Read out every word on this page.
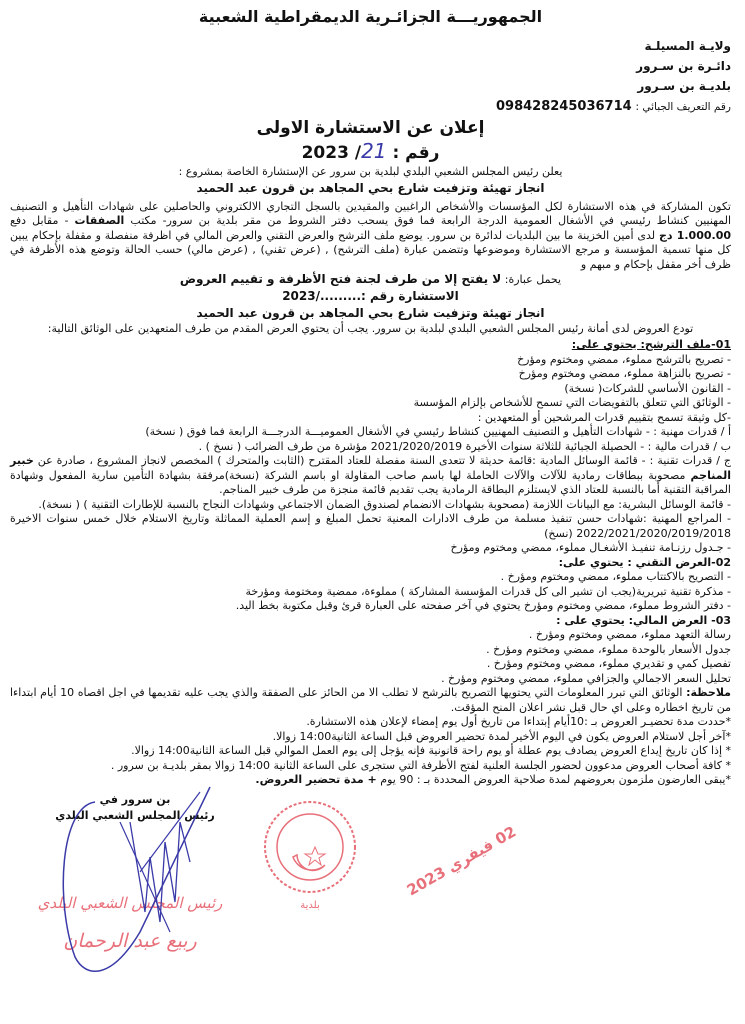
الجمهوريـــة الجزائـرية الديمقراطية الشعبية
ولايـة المسيلـة
دائـرة بن سـرور
بلديـة بن سـرور
رقم التعريف الجبائي : 098428245036714
إعلان عن الاستشارة الاولى
رقم : 21/ 2023
يعلن رئيس المجلس الشعبي البلدي لبلدية بن سرور عن الإستشارة الخاصة بمشروع :
انجاز تهيئة وتزفيت شارع بحي المجاهد بن قرون عبد الحميد
تكون المشاركة في هذه الاستشارة لكل المؤسسات والأشخاص الراغبين والمقيدين بالسجل التجاري الالكتروني والحاصلين على شهادات التأهيل و التصنيف المهنيين كنشاط رئيسي في الأشغال العمومية الدرجة الرابعة فما فوق يسحب دفتر الشروط من مقر بلدية بن سرور- مكتب الصفقات - مقابل دفع 1.000.00 دج لدى أمين الخزينة ما بين البلديات لدائرة بن سرور. يوضع ملف الترشح والعرض التقني والعرض المالي في اظرفة منفصلة و مقفلة بإحكام يبين كل منها تسمية المؤسسة و مرجع الاستشارة وموضوعها وتتضمن عبارة (ملف الترشح) , (عرض تقني) , (عرض مالي) حسب الحالة وتوضع هذه الأظرفة في ظرف أخر مقفل بإحكام و مبهم و
يحمل عبارة: لا يفتح إلا من طرف لجنة فتح الأظرفة و تقييم العروض
الاستشارة رقم :........./2023
انجاز تهيئة وتزفيت شارع بحي المجاهد بن قرون عبد الحميد
تودع العروض لدى أمانة رئيس المجلس الشعبي البلدي لبلدية بن سرور. يجب أن يحتوي العرض المقدم من طرف المتعهدين على الوثائق التالية:
01-ملف الترشح: يحتوي على:
- تصريح بالترشح مملوء، ممضي ومختوم ومؤرخ
- تصريح بالنزاهة مملوء، ممضي ومختوم ومؤرخ
- القانون الأساسي للشركات( نسخة)
- الوثائق التي تتعلق بالتفويضات التي تسمح للأشخاص بإلزام المؤسسة
-كل وثيقة تسمح بتقييم قدرات المرشحين أو المتعهدين :
أ / قدرات مهنية : - شهادات التأهيل و التصنيف المهنيين كنشاط رئيسي في الأشغال العموميـــة الدرجـــة الرابعة فما فوق ( نسخة)
ب / قدرات مالية : - الحصيلة الجبائية للثلاثة سنوات الأخيرة 2021/2020/2019 مؤشرة من طرف الضرائب ( نسخ ) .
ج / قدرات تقنية : - قائمة الوسائل المادية :قائمة حديثة لا تتعدى السنة مفصلة للعتاد المقترح (الثابت والمتحرك ) المخصص لانجاز المشروع ، صادرة عن خبير المناجم مصحوبة ببطاقات رمادية للآلات والآلات الحاملة لها باسم صاحب المقاولة او باسم الشركة (نسخة)مرفقة بشهادة التأمين سارية المفعول وشهادة المراقبة التقنية أما بالنسبة للعتاد الذي لايستلزم البطاقة الرمادية يجب تقديم قائمة منجزة من طرف خبير المناجم.
- قائمة الوسائل البشرية: مع البيانات اللازمة (مصحوبة بشهادات الانضمام لصندوق الضمان الاجتماعي وشهادات النجاح بالنسبة للإطارات التقنية ) ( نسخة).
- المراجع المهنية :شهادات حسن تنفيذ مسلمة من طرف الادارات المعنية تحمل المبلغ و إسم العملية المماثلة وتاريخ الاستلام خلال خمس سنوات الاخيرة 2022/2021/2020/2019/2018 (نسخ)
- جـدول رزنـامة تنفيـذ الأشغـال مملوء، ممضي ومختوم ومؤرخ
02-العرض التقني : يحتوي على:
- التصريح بالاكتتاب مملوء، ممضي ومختوم ومؤرخ .
- مذكرة تقنية تبريرية(يجب ان تشير الى كل قدرات المؤسسة المشاركة ) مملوءة، ممضية ومختومة ومؤرخة
- دفتر الشروط مملوء، ممضي ومختوم ومؤرخ يحتوي في آخر صفحته على العبارة قرئ وقبل مكتوبة بخط اليد.
03- العرض المالي: يحتوي على :
رسالة التعهد مملوء، ممضي ومختوم ومؤرخ .
جدول الأسعار بالوحدة مملوء، ممضي ومختوم ومؤرخ .
تفصيل كمي و تقديري مملوء، ممضي ومختوم ومؤرخ .
تحليل السعر الاجمالي والجزافي مملوء، ممضي ومختوم ومؤرخ .
ملاحظة: الوثائق التي تبرر المعلومات التي يحتويها التصريح بالترشح لا تطلب الا من الحائز على الصفقة والذي يجب عليه تقديمها في اجل اقصاه 10 أيام ابتداءا من تاريخ اخطاره وعلى اي حال قبل نشر اعلان المنح المؤقت.
*حددت مدة تحضيـر العروض بـ :10أيام إبتداءا من تاريخ أول يوم إمضاء لإعلان هذه الاستشارة.
*آخر أجل لاستلام العروض يكون في اليوم الأخير لمدة تحضير العروض قبل الساعة الثانية14:00 زوالا.
* إذا كان تاريخ إيداع العروض يصادف يوم عطلة أو يوم راحة قانونية فإنه يؤجل إلى يوم العمل الموالي قبل الساعة الثانية14:00 زوالا.
* كافة أصحاب العروض مدعوون لحضور الجلسة العلنية لفتح الأظرفة التي ستجرى على الساعة الثانية 14:00 زوالا بمقر بلديـة بن سرور .
*يبقى العارضون ملزمون بعروضهم لمدة صلاحية العروض المحددة بـ : 90 يوم + مدة تحضير العروض.
بن سرور في
رئيس المجلس الشعبي البلدي
رئيس المجلس الشعبي البلدي
ربيع عبد الرحمان
بلدية
02 فيفري 2023
